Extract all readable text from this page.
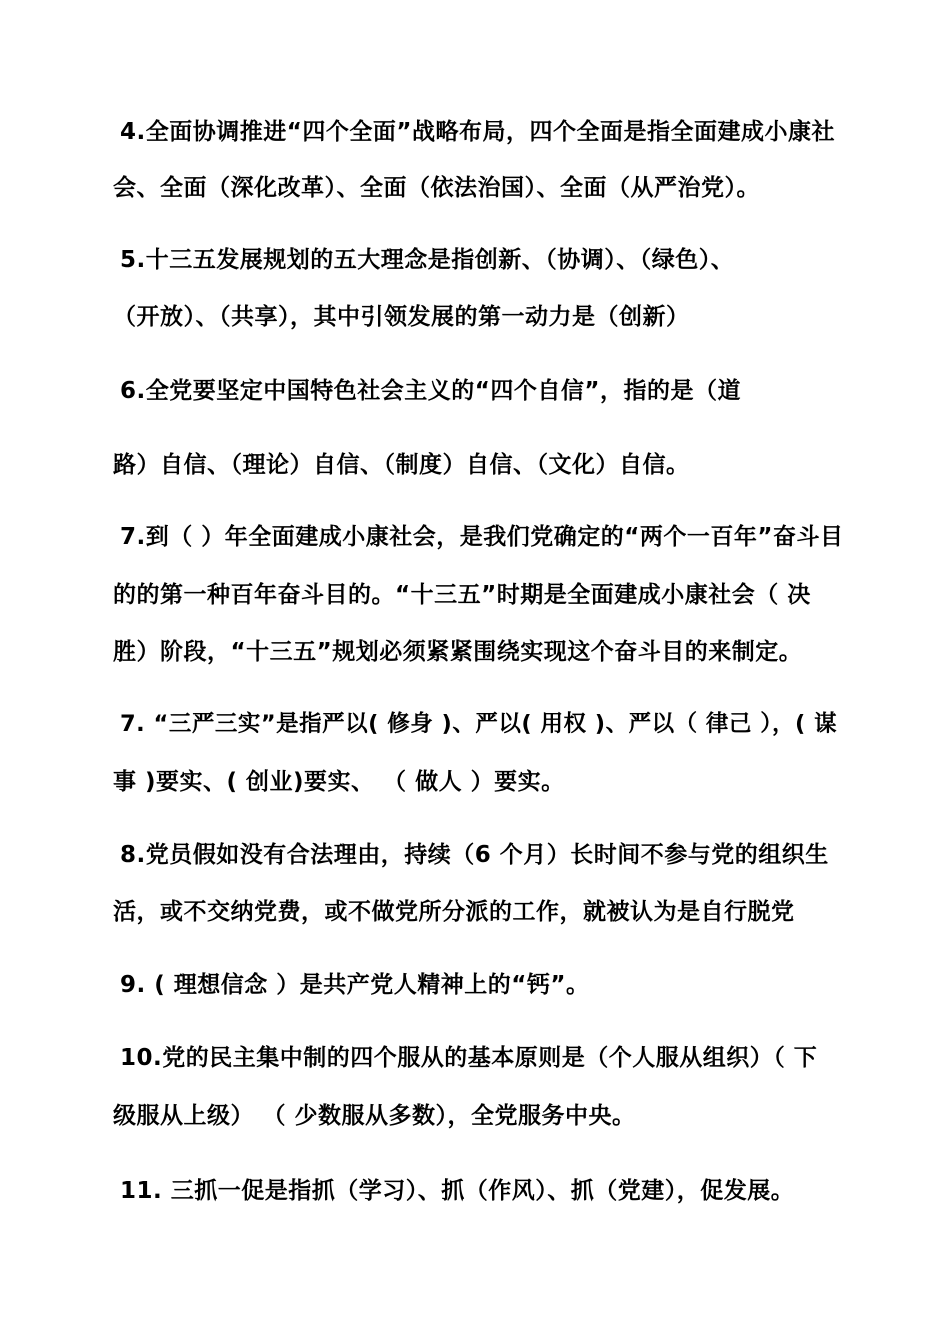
4.全面协调推进“四个全面”战略布局，四个全面是指全面建成小康社
会、全面（深化改革）、全面（依法治国）、全面（从严治党）。
5.十三五发展规划的五大理念是指创新、（协调）、（绿色）、
（开放）、（共享），其中引领发展的第一动力是（创新）
6.全党要坚定中国特色社会主义的“四个自信”，指的是（道
路）自信、（理论）自信、（制度）自信、（文化）自信。
7.到（ ）年全面建成小康社会，是我们党确定的“两个一百年”奋斗目
的的第一种百年奋斗目的。“十三五”时期是全面建成小康社会（ 决
胜）阶段，“十三五”规划必须紧紧围绕实现这个奋斗目的来制定。
7. “三严三实”是指严以( 修身 )、严以( 用权 )、严以（ 律己 ），( 谋
事 )要实、( 创业)要实、 （ 做人 ）要实。
8.党员假如没有合法理由，持续（6 个月）长时间不参与党的组织生
活，或不交纳党费，或不做党所分派的工作，就被认为是自行脱党
9. ( 理想信念 ）是共产党人精神上的“钙”。
10.党的民主集中制的四个服从的基本原则是（个人服从组织）（ 下
级服从上级） （ 少数服从多数），全党服务中央。
11. 三抓一促是指抓（学习）、抓（作风）、抓（党建），促发展。
